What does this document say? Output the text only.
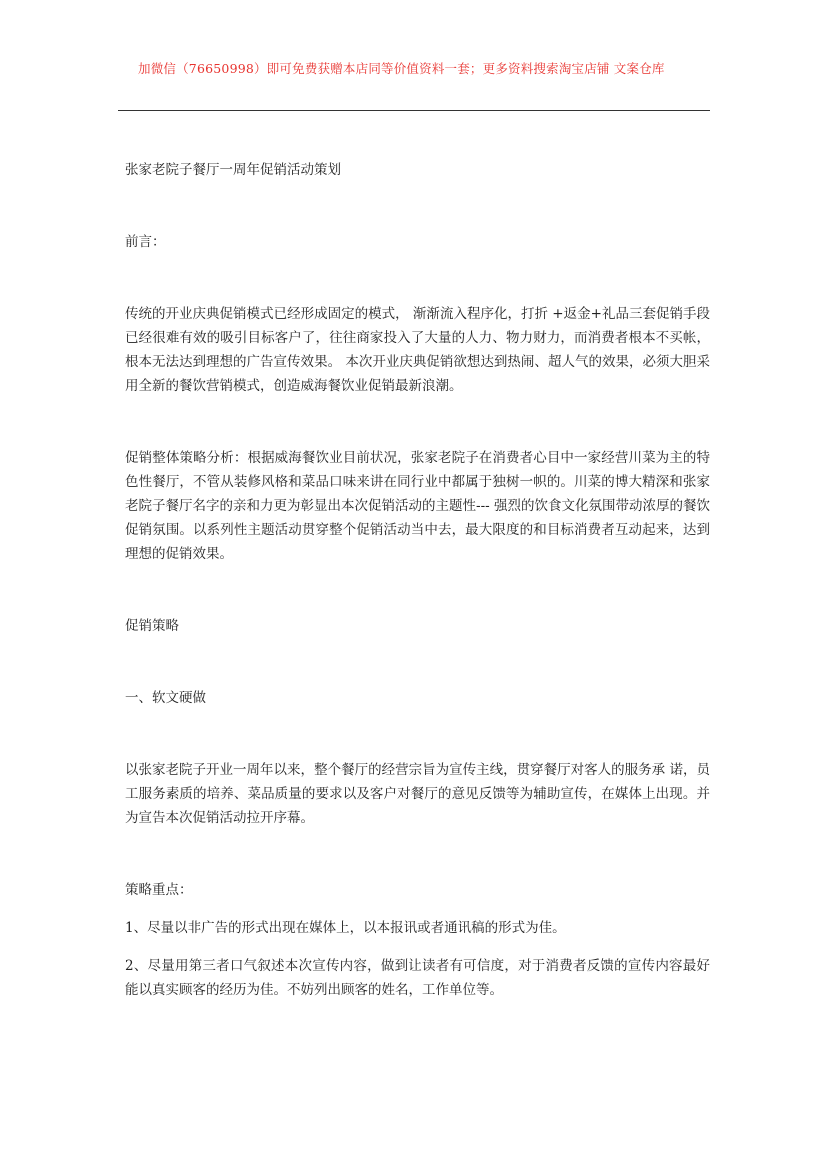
加微信（76650998）即可免费获赠本店同等价值资料一套；更多资料搜索淘宝店铺 文案仓库

张家老院子餐厅一周年促销活动策划

前言：

传统的开业庆典促销模式已经形成固定的模式， 渐渐流入程序化，打折 +返金+礼品三套促销手段已经很难有效的吸引目标客户了，往往商家投入了大量的人力、物力财力，而消费者根本不买帐， 根本无法达到理想的广告宣传效果。 本次开业庆典促销欲想达到热闹、超人气的效果，必须大胆采用全新的餐饮营销模式，创造威海餐饮业促销最新浪潮。

促销整体策略分析：根据威海餐饮业目前状况，张家老院子在消费者心目中一家经营川菜为主的特色性餐厅，不管从装修风格和菜品口味来讲在同行业中都属于独树一帜的。川菜的博大精深和张家老院子餐厅名字的亲和力更为彰显出本次促销活动的主题性--- 强烈的饮食文化氛围带动浓厚的餐饮促销氛围。以系列性主题活动贯穿整个促销活动当中去，最大限度的和目标消费者互动起来，达到理想的促销效果。

促销策略

一、软文硬做

以张家老院子开业一周年以来，整个餐厅的经营宗旨为宣传主线，贯穿餐厅对客人的服务承 诺，员工服务素质的培养、菜品质量的要求以及客户对餐厅的意见反馈等为辅助宣传，在媒体上出现。并为宣告本次促销活动拉开序幕。

策略重点：

1、尽量以非广告的形式出现在媒体上，以本报讯或者通讯稿的形式为佳。

2、尽量用第三者口气叙述本次宣传内容，做到让读者有可信度，对于消费者反馈的宣传内容最好 能以真实顾客的经历为佳。不妨列出顾客的姓名，工作单位等。
